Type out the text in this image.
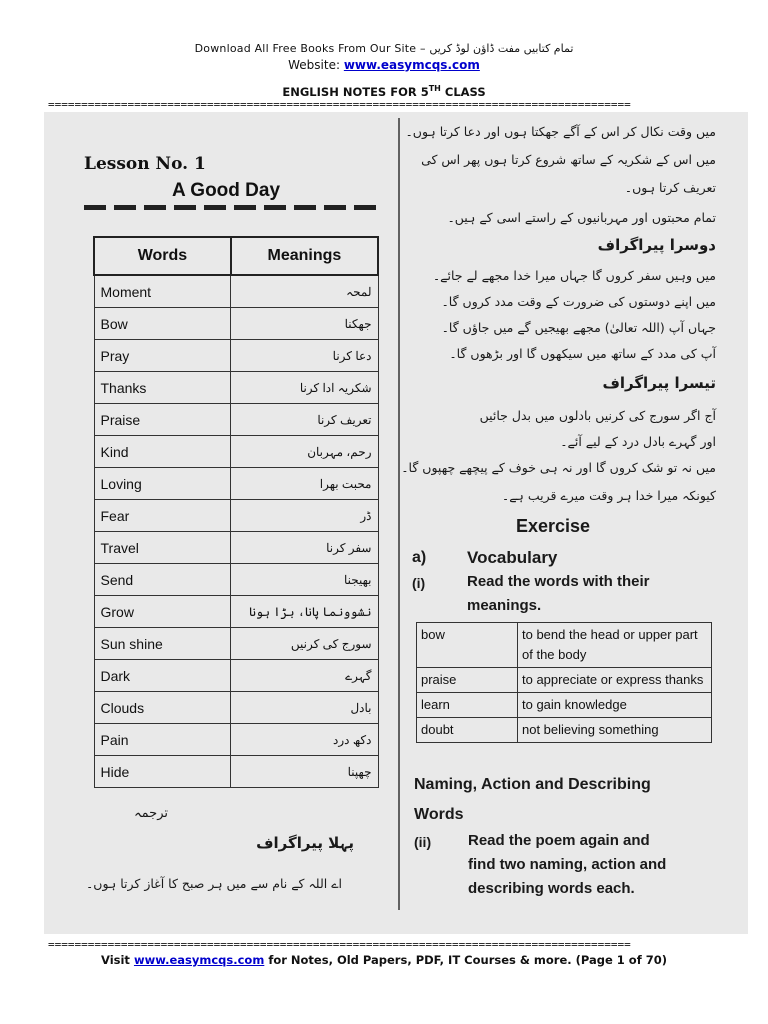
Download All Free Books From Our Site – تمام کتابیں مفت ڈاؤن لوڈ کریں
Website: www.easymcqs.com
ENGLISH NOTES FOR 5TH CLASS
========================================================================================
Lesson No. 1
A Good Day
Words	Meanings
Moment	لمحہ
Bow	جھکنا
Pray	دعا کرنا
Thanks	شکریہ ادا کرنا
Praise	تعریف کرنا
Kind	رحم، مہربان
Loving	محبت بھرا
Fear	ڈر
Travel	سفر کرنا
Send	بھیجنا
Grow	نشوونما پانا، بڑا ہونا
Sun shine	سورج کی کرنیں
Dark	گہرے
Clouds	بادل
Pain	دکھ درد
Hide	چھپنا
ترجمہ
پہلا پیراگراف
اے اللہ کے نام سے میں ہر صبح کا آغاز کرتا ہوں۔
میں وقت نکال کر اس کے آگے جھکتا ہوں اور دعا کرتا ہوں۔
میں اس کے شکریہ کے ساتھ شروع کرتا ہوں پھر اس کی
تعریف کرتا ہوں۔
تمام محبتوں اور مہربانیوں کے راستے اسی کے ہیں۔
دوسرا پیراگراف
میں وہیں سفر کروں گا جہاں میرا خدا مجھے لے جائے۔
میں اپنے دوستوں کی ضرورت کے وقت مدد کروں گا۔
جہاں آپ (اللہ تعالیٰ) مجھے بھیجیں گے میں جاؤں گا۔
آپ کی مدد کے ساتھ میں سیکھوں گا اور بڑھوں گا۔
تیسرا پیراگراف
آج اگر سورج کی کرنیں بادلوں میں بدل جائیں
اور گہرے بادل درد کے لیے آئے۔
میں نہ تو شک کروں گا اور نہ ہی خوف کے پیچھے چھپوں گا۔
کیونکہ میرا خدا ہر وقت میرے قریب ہے۔
Exercise
a) Vocabulary
(i)	Read the words with their
meanings.
bow	to bend the head or upper part of the body
praise	to appreciate or express thanks
learn	to gain knowledge
doubt	not believing something
Naming, Action and Describing
Words
(ii) Read the poem again and
find two naming, action and
describing words each.
========================================================================================
Visit www.easymcqs.com for Notes, Old Papers, PDF, IT Courses & more. (Page 1 of 70)
